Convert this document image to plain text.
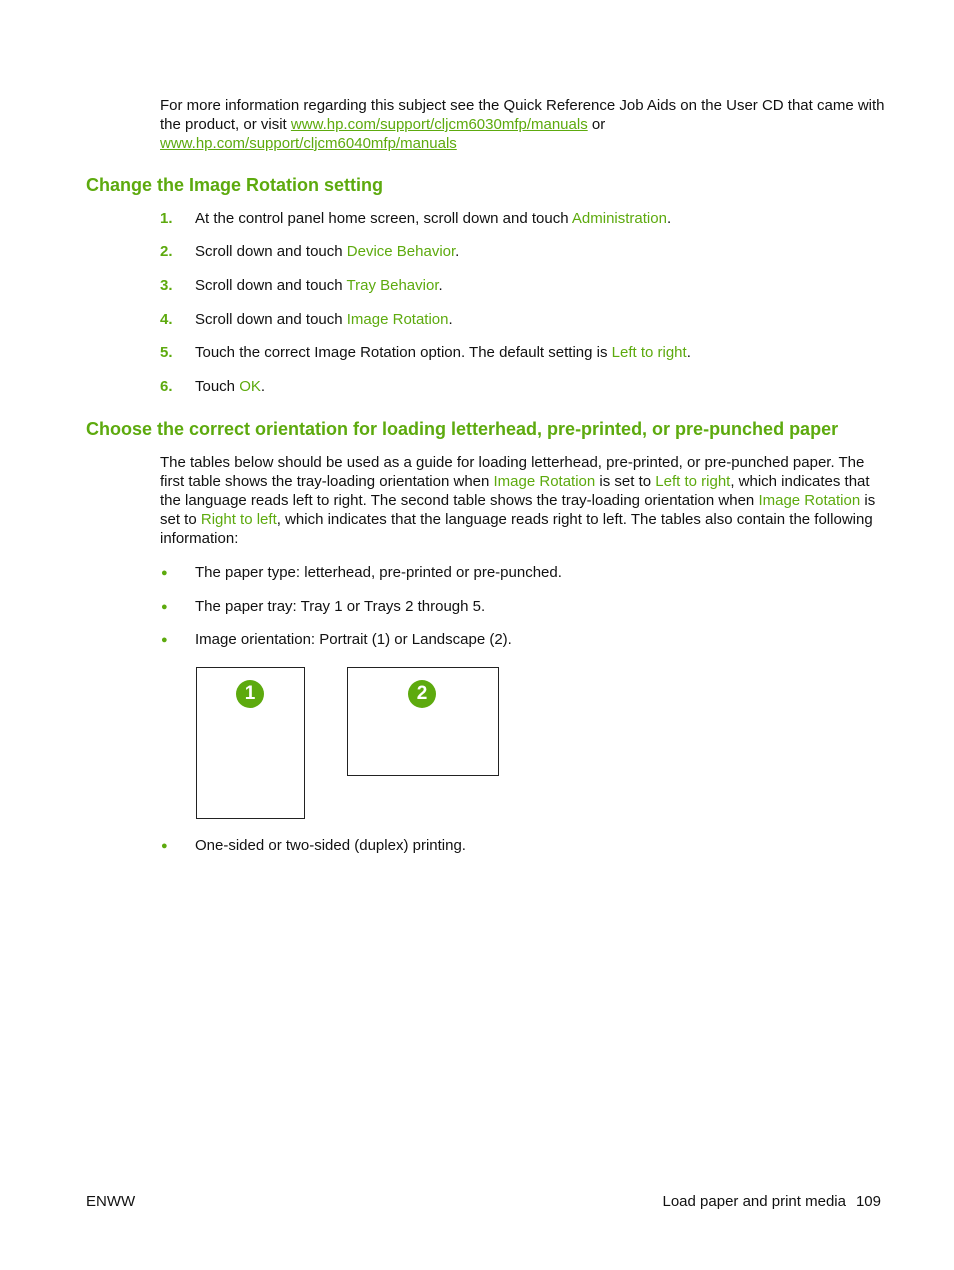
For more information regarding this subject see the Quick Reference Job Aids on the User CD that came with the product, or visit www.hp.com/support/cljcm6030mfp/manuals or www.hp.com/support/cljcm6040mfp/manuals
Change the Image Rotation setting
1.	At the control panel home screen, scroll down and touch Administration.
2.	Scroll down and touch Device Behavior.
3.	Scroll down and touch Tray Behavior.
4.	Scroll down and touch Image Rotation.
5.	Touch the correct Image Rotation option. The default setting is Left to right.
6.	Touch OK.
Choose the correct orientation for loading letterhead, pre-printed, or pre-punched paper
The tables below should be used as a guide for loading letterhead, pre-printed, or pre-punched paper. The first table shows the tray-loading orientation when Image Rotation is set to Left to right, which indicates that the language reads left to right. The second table shows the tray-loading orientation when Image Rotation is set to Right to left, which indicates that the language reads right to left. The tables also contain the following information:
● The paper type: letterhead, pre-printed or pre-punched.
● The paper tray: Tray 1 or Trays 2 through 5.
● Image orientation: Portrait (1) or Landscape (2).
1	2
● One-sided or two-sided (duplex) printing.
ENWW	Load paper and print media 109
